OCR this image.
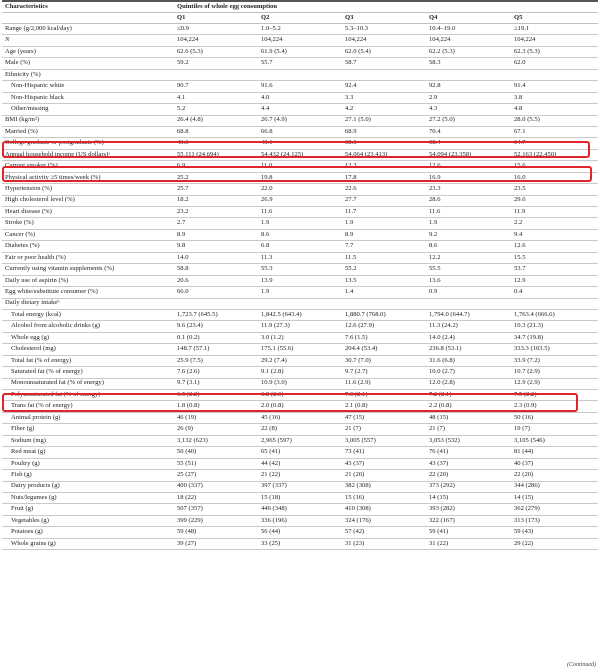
Characteristics	Quintiles of whole egg consumption				
	Q1	Q2	Q3	Q4	Q5
Range (g/2,000 kcal/day)	≤0.9	1.0–5.2	5.3–10.3	10.4–19.0	≥19.1
N	104,224	104,224	104,224	104,224	104,224
Age (years)	62.6 (5.3)	61.9 (5.4)	62.0 (5.4)	62.2 (5.3)	62.3 (5.3)
Male (%)	59.2	55.7	58.7	58.3	62.0
Ethnicity (%)					
Non-Hispanic white	90.7	91.6	92.4	92.8	91.4
Non-Hispanic black	4.1	4.0	3.3	2.9	3.8
Other/missing	5.2	4.4	4.2	4.3	4.8
BMI (kg/m²)	26.4 (4.8)	26.7 (4.9)	27.1 (5.0)	27.2 (5.0)	28.0 (5.5)
Married (%)	68.8	66.8	68.9	70.4	67.1
College graduate or postgraduate (%)	43.3	40.1	38.6	38.4	34.7
Annual household income (US dollars)ᵃ	55,111 (24,694)	54,432 (24,125)	54,064 (23,413)	54,094 (23,358)	52,163 (22,450)
Current smoker (%)	6.9	11.0	12.3	12.6	15.6
Physical activity ≥5 times/week (%)	25.2	19.8	17.8	16.9	16.0
Hypertension (%)	25.7	22.0	22.6	23.3	23.5
High cholesterol level (%)	18.2	26.9	27.7	28.6	29.6
Heart disease (%)	23.2	11.6	11.7	11.6	11.9
Stroke (%)	2.7	1.9	1.9	1.9	2.2
Cancer (%)	8.9	8.6	8.9	9.2	9.4
Diabetes (%)	9.8	6.8	7.7	8.6	12.6
Fair or poor health (%)	14.0	11.3	11.5	12.2	15.5
Currently using vitamin supplements (%)	58.8	55.3	55.2	55.5	53.7
Daily use of aspirin (%)	20.6	13.9	13.5	13.6	12.9
Egg white/substitute consumer (%)	66.0	1.9	1.4	0.9	0.4
Daily dietary intakeᵇ					
Total energy (kcal)	1,723.7 (645.5)	1,842.5 (643.4)	1,880.7 (768.0)	1,794.0 (644.7)	1,763.4 (666.6)
Alcohol from alcoholic drinks (g)	9.6 (23.4)	11.9 (27.3)	12.6 (27.9)	11.3 (24.2)	10.3 (21.3)
Whole egg (g)	0.1 (0.2)	3.0 (1.2)	7.6 (1.5)	14.0 (2.4)	34.7 (19.8)
Cholesterol (mg)	148.7 (57.1)	175.1 (55.6)	204.4 (53.4)	236.8 (53.1)	333.3 (103.5)
Total fat (% of energy)	25.9 (7.5)	29.2 (7.4)	30.7 (7.0)	31.6 (6.8)	33.9 (7.2)
Saturated fat (% of energy)	7.6 (2.6)	9.1 (2.8)	9.7 (2.7)	10.0 (2.7)	10.7 (2.9)
Monounsaturated fat (% of energy)	9.7 (3.1)	10.9 (3.0)	11.6 (2.9)	12.0 (2.8)	12.9 (2.9)
Polyunsaturated fat (% of energy)	6.5 (2.2)	6.8 (2.3)	7.0 (2.1)	7.2 (2.1)	7.5 (2.2)
Trans fat (% of energy)	1.8 (0.8)	2.0 (0.8)	2.1 (0.8)	2.2 (0.8)	2.3 (0.9)
Animal protein (g)	46 (19)	45 (16)	47 (15)	48 (15)	50 (16)
Fiber (g)	26 (9)	22 (8)	21 (7)	21 (7)	19 (7)
Sodium (mg)	3,132 (623)	2,965 (597)	3,005 (557)	3,053 (532)	3,105 (546)
Red meat (g)	50 (40)	65 (41)	73 (41)	76 (41)	81 (44)
Poultry (g)	55 (51)	44 (42)	43 (37)	43 (37)	40 (37)
Fish (g)	25 (27)	21 (22)	21 (20)	22 (20)	22 (20)
Dairy products (g)	400 (337)	397 (337)	382 (308)	373 (292)	344 (286)
Nuts/legumes (g)	18 (22)	15 (18)	15 (16)	14 (15)	14 (15)
Fruit (g)	507 (357)	446 (348)	410 (308)	393 (282)	362 (279)
Vegetables (g)	399 (229)	336 (196)	324 (176)	322 (167)	313 (173)
Potatoes (g)	59 (48)	56 (44)	57 (42)	59 (41)	59 (43)
Whole grains (g)	39 (27)	33 (25)	31 (23)	31 (22)	29 (22)
(Continued)
